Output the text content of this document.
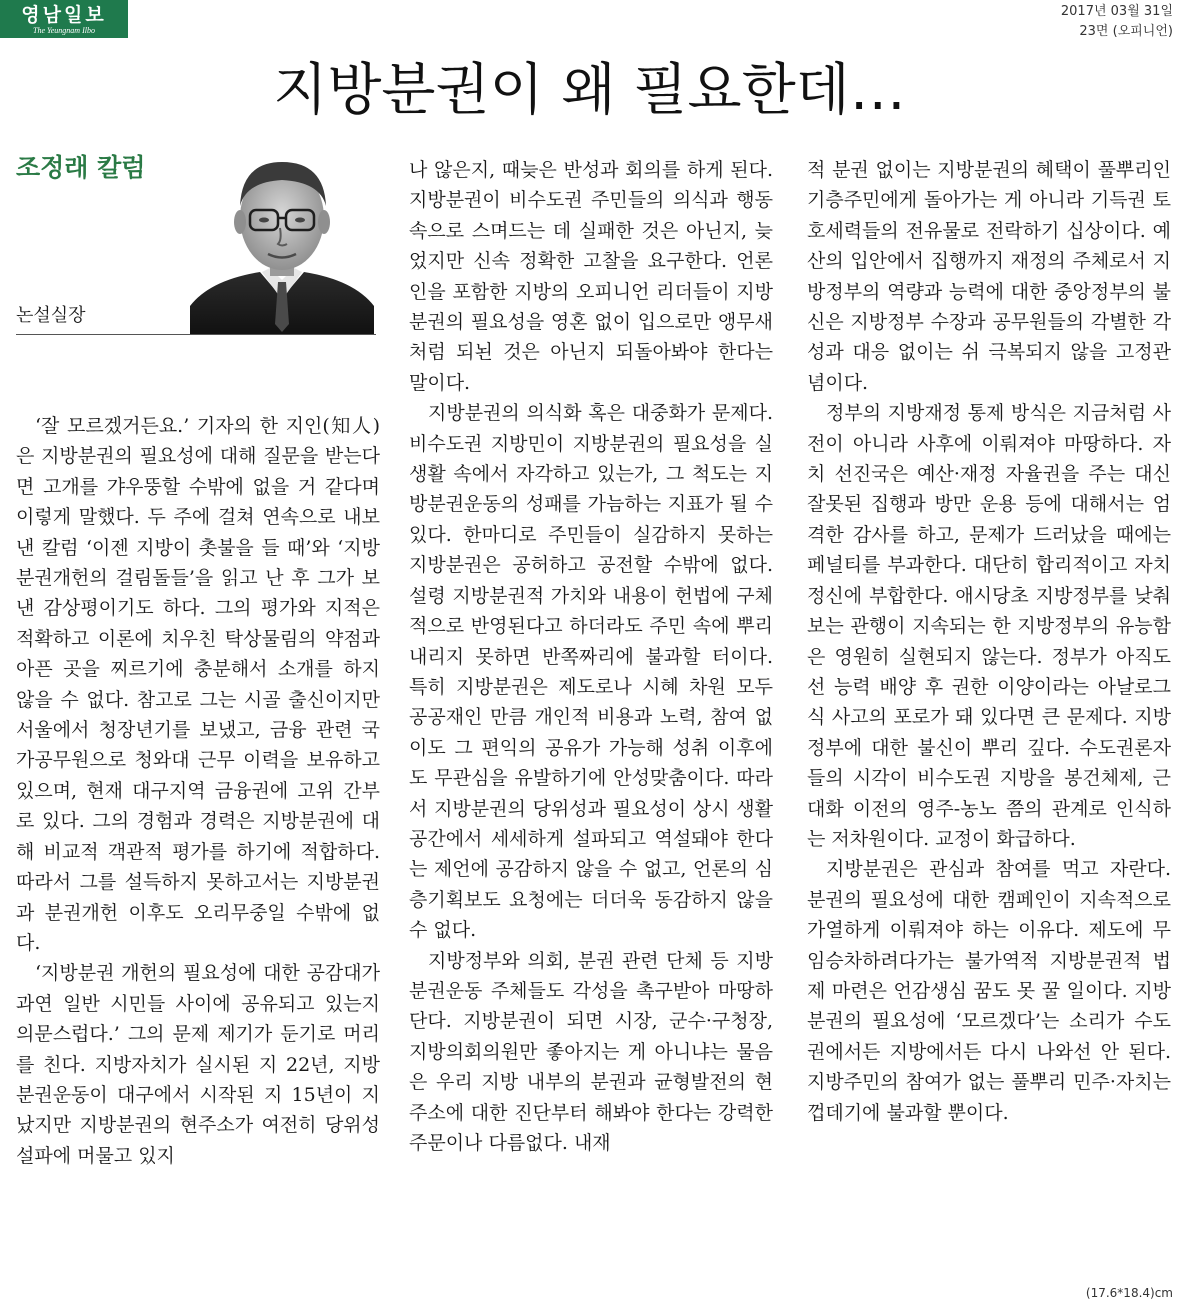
영남일보
The Yeungnam Ilbo
2017년 03월 31일
23면 (오피니언)
지방분권이 왜 필요한데…
조정래 칼럼
논설실장

‘잘 모르겠거든요.’ 기자의 한 지인(知人)은 지방분권의 필요성에 대해 질문을 받는다면 고개를 갸우뚱할 수밖에 없을 거 같다며 이렇게 말했다. 두 주에 걸쳐 연속으로 내보낸 칼럼 ‘이젠 지방이 촛불을 들 때’와 ‘지방분권개헌의 걸림돌들’을 읽고 난 후 그가 보낸 감상평이기도 하다. 그의 평가와 지적은 적확하고 이론에 치우친 탁상물림의 약점과 아픈 곳을 찌르기에 충분해서 소개를 하지 않을 수 없다. 참고로 그는 시골 출신이지만 서울에서 청장년기를 보냈고, 금융 관련 국가공무원으로 청와대 근무 이력을 보유하고 있으며, 현재 대구지역 금융권에 고위 간부로 있다. 그의 경험과 경력은 지방분권에 대해 비교적 객관적 평가를 하기에 적합하다. 따라서 그를 설득하지 못하고서는 지방분권과 분권개헌 이후도 오리무중일 수밖에 없다.

‘지방분권 개헌의 필요성에 대한 공감대가 과연 일반 시민들 사이에 공유되고 있는지 의문스럽다.’ 그의 문제 제기가 둔기로 머리를 친다. 지방자치가 실시된 지 22년, 지방분권운동이 대구에서 시작된 지 15년이 지났지만 지방분권의 현주소가 여전히 당위성 설파에 머물고 있지

나 않은지, 때늦은 반성과 회의를 하게 된다. 지방분권이 비수도권 주민들의 의식과 행동 속으로 스며드는 데 실패한 것은 아닌지, 늦었지만 신속 정확한 고찰을 요구한다. 언론인을 포함한 지방의 오피니언 리더들이 지방분권의 필요성을 영혼 없이 입으로만 앵무새처럼 되뇐 것은 아닌지 되돌아봐야 한다는 말이다.

지방분권의 의식화 혹은 대중화가 문제다. 비수도권 지방민이 지방분권의 필요성을 실생활 속에서 자각하고 있는가, 그 척도는 지방분권운동의 성패를 가늠하는 지표가 될 수 있다. 한마디로 주민들이 실감하지 못하는 지방분권은 공허하고 공전할 수밖에 없다. 설령 지방분권적 가치와 내용이 헌법에 구체적으로 반영된다고 하더라도 주민 속에 뿌리내리지 못하면 반쪽짜리에 불과할 터이다. 특히 지방분권은 제도로나 시혜 차원 모두 공공재인 만큼 개인적 비용과 노력, 참여 없이도 그 편익의 공유가 가능해 성취 이후에도 무관심을 유발하기에 안성맞춤이다. 따라서 지방분권의 당위성과 필요성이 상시 생활공간에서 세세하게 설파되고 역설돼야 한다는 제언에 공감하지 않을 수 없고, 언론의 심층기획보도 요청에는 더더욱 동감하지 않을 수 없다.

지방정부와 의회, 분권 관련 단체 등 지방분권운동 주체들도 각성을 촉구받아 마땅하단다. 지방분권이 되면 시장, 군수·구청장, 지방의회의원만 좋아지는 게 아니냐는 물음은 우리 지방 내부의 분권과 균형발전의 현주소에 대한 진단부터 해봐야 한다는 강력한 주문이나 다름없다. 내재

적 분권 없이는 지방분권의 혜택이 풀뿌리인 기층주민에게 돌아가는 게 아니라 기득권 토호세력들의 전유물로 전락하기 십상이다. 예산의 입안에서 집행까지 재정의 주체로서 지방정부의 역량과 능력에 대한 중앙정부의 불신은 지방정부 수장과 공무원들의 각별한 각성과 대응 없이는 쉬 극복되지 않을 고정관념이다.

정부의 지방재정 통제 방식은 지금처럼 사전이 아니라 사후에 이뤄져야 마땅하다. 자치 선진국은 예산·재정 자율권을 주는 대신 잘못된 집행과 방만 운용 등에 대해서는 엄격한 감사를 하고, 문제가 드러났을 때에는 페널티를 부과한다. 대단히 합리적이고 자치정신에 부합한다. 애시당초 지방정부를 낮춰보는 관행이 지속되는 한 지방정부의 유능함은 영원히 실현되지 않는다. 정부가 아직도 선 능력 배양 후 권한 이양이라는 아날로그식 사고의 포로가 돼 있다면 큰 문제다. 지방정부에 대한 불신이 뿌리 깊다. 수도권론자들의 시각이 비수도권 지방을 봉건체제, 근대화 이전의 영주-농노 쯤의 관계로 인식하는 저차원이다. 교정이 화급하다.

지방분권은 관심과 참여를 먹고 자란다. 분권의 필요성에 대한 캠페인이 지속적으로 가열하게 이뤄져야 하는 이유다. 제도에 무임승차하려다가는 불가역적 지방분권적 법제 마련은 언감생심 꿈도 못 꿀 일이다. 지방분권의 필요성에 ‘모르겠다’는 소리가 수도권에서든 지방에서든 다시 나와선 안 된다. 지방주민의 참여가 없는 풀뿌리 민주·자치는 껍데기에 불과할 뿐이다.

(17.6*18.4)cm
